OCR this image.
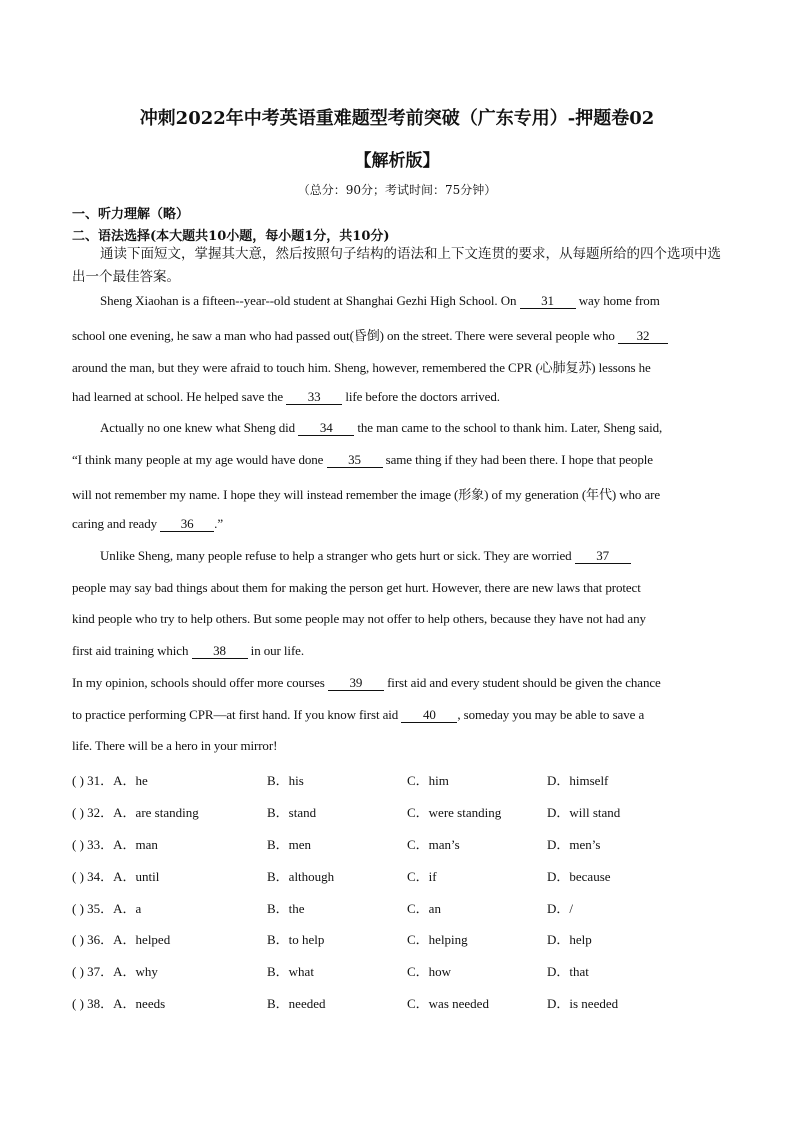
冲刺2022年中考英语重难题型考前突破（广东专用）-押题卷02
【解析版】
（总分：90分；考试时间：75分钟）
一、听力理解（略）
二、语法选择(本大题共10小题，每小题1分，共10分)
通读下面短文，掌握其大意，然后按照句子结构的语法和上下文连贯的要求，从每题所给的四个选项中选出一个最佳答案。
Sheng Xiaohan is a fifteen--year--old student at Shanghai Gezhi High School. On 31 way home from
school one evening, he saw a man who had passed out(昏倒) on the street. There were several people who 32
around the man, but they were afraid to touch him. Sheng, however, remembered the CPR (心肺复苏) lessons he
had learned at school. He helped save the 33 life before the doctors arrived.
Actually no one knew what Sheng did 34 the man came to the school to thank him. Later, Sheng said,
“I think many people at my age would have done 35 same thing if they had been there. I hope that people
will not remember my name. I hope they will instead remember the image (形象) of my generation (年代) who are
caring and ready 36 .”
Unlike Sheng, many people refuse to help a stranger who gets hurt or sick. They are worried 37
people may say bad things about them for making the person get hurt. However, there are new laws that protect
kind people who try to help others. But some people may not offer to help others, because they have not had any
first aid training which 38 in our life.
In my opinion, schools should offer more courses 39 first aid and every student should be given the chance
to practice performing CPR—at first hand. If you know first aid 40 , someday you may be able to save a
life. There will be a hero in your mirror!
( ) 31．A．he	B．his	C．him	D．himself
( ) 32．A．are standing	B．stand	C．were standing	D．will stand
( ) 33．A．man	B．men	C．man’s	D．men’s
( ) 34．A．until	B．although	C．if	D．because
( ) 35．A．a	B．the	C．an	D．/
( ) 36．A．helped	B．to help	C．helping	D．help
( ) 37．A．why	B．what	C．how	D．that
( ) 38．A．needs	B．needed	C．was needed	D．is needed
